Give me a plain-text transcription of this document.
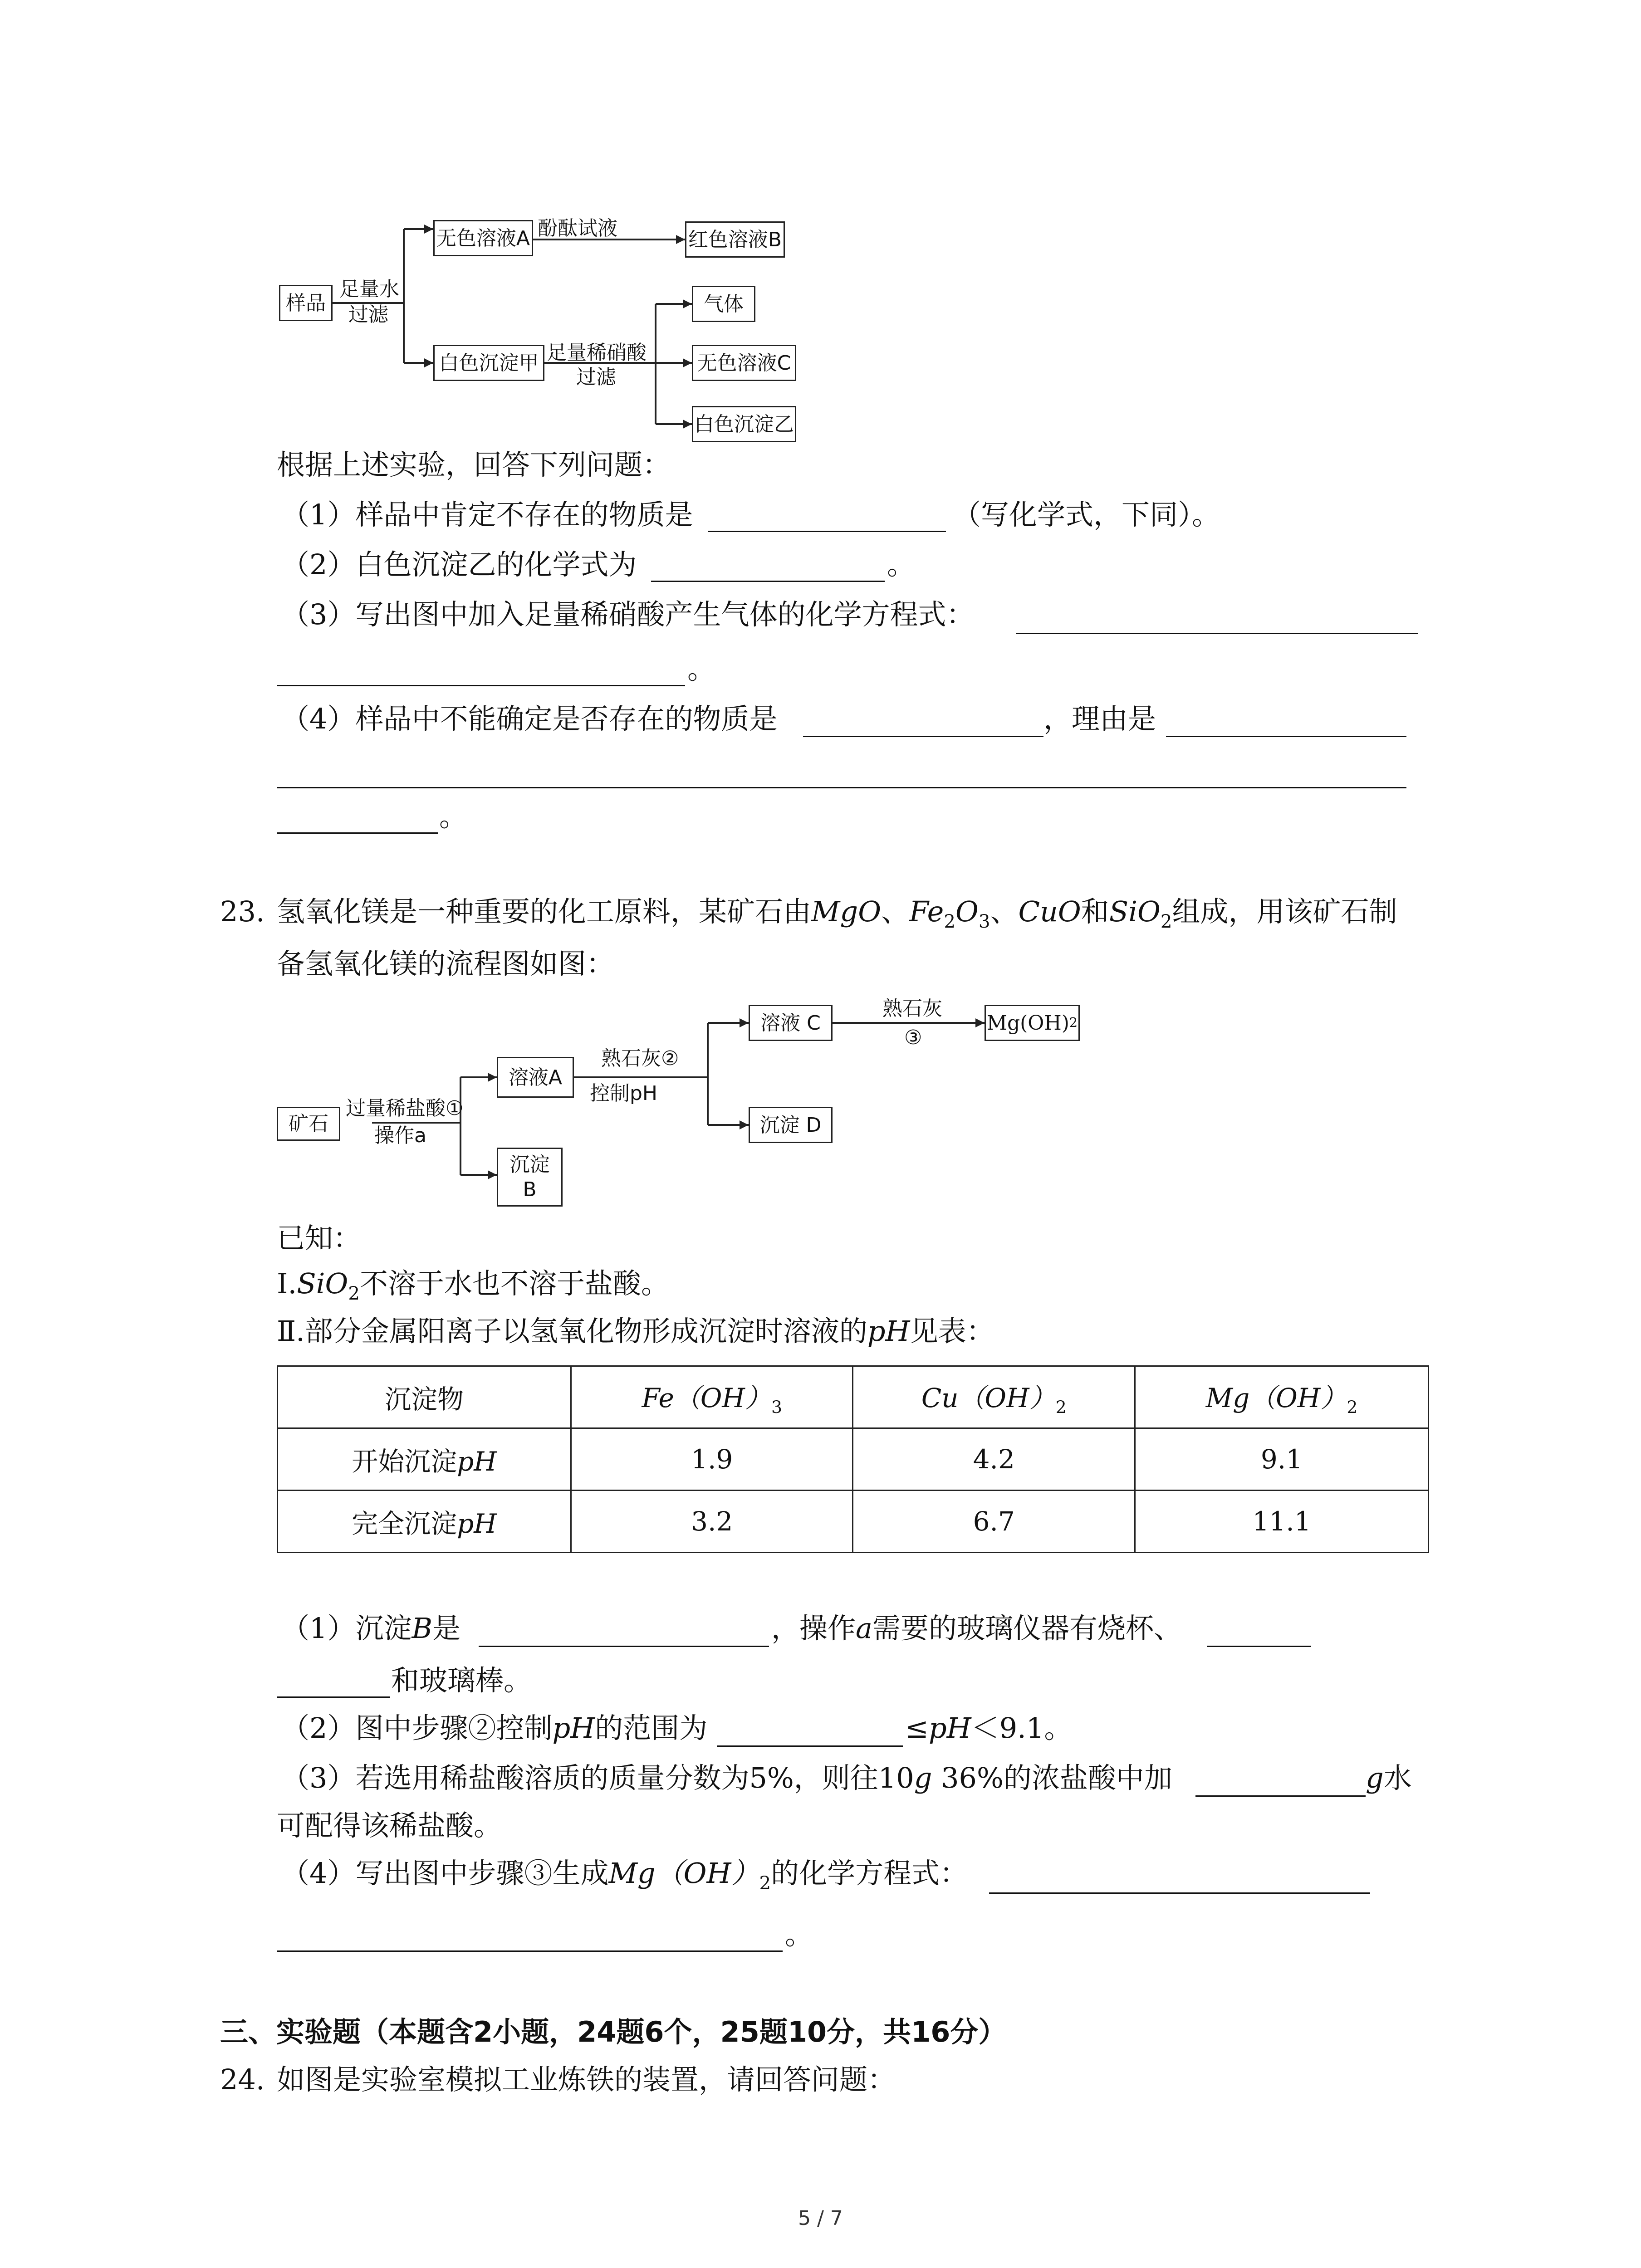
样品
足量水
过滤
无色溶液A 酚酞试液	红色溶液B
白色沉淀甲 足量稀硝酸
过滤
气体
无色溶液C
白色沉淀乙
根据上述实验，回答下列问题：
（1）样品中肯定不存在的物质是	（写化学式，下同）。
（2）白色沉淀乙的化学式为	。
（3）写出图中加入足量稀硝酸产生气体的化学方程式：
。
（4）样品中不能确定是否存在的物质是	，理由是
。
23. 氢氧化镁是一种重要的化工原料，某矿石由MgO、$Fe_2O_3$、CuO和SiO$_2$组成，用该矿石制
备氢氧化镁的流程图如图：
矿石
过量稀盐酸①
操作a
溶液A
沉淀
B
熟石灰②
控制pH
溶液 C
沉淀 D
熟石灰
③
Mg(OH) 2
已知：
Ⅰ.SiO$_2$不溶于水也不溶于盐酸。
Ⅱ.部分金属阳离子以氢氧化物形成沉淀时溶液的pH见表：
沉淀物	$Fe(OH)_3$	$Cu(OH)_2$	$Mg(OH)_2$
开始沉淀pH	1.9	4.2	9.1
完全沉淀pH	3.2	6.7	11.1
（1）沉淀B是	，操作a需要的玻璃仪器有烧杯、
和玻璃棒。
（2）图中步骤②控制pH的范围为	≤pH＜9.1。
（3）若选用稀盐酸溶质的质量分数为5%，则往10g 36%的浓盐酸中加	g水
可配得该稀盐酸。
（4）写出图中步骤③生成$Mg(OH)_2$的化学方程式：
。
三、实验题（本题含2小题，24题6个，25题10分，共16分）
24. 如图是实验室模拟工业炼铁的装置，请回答问题：
5 / 7
